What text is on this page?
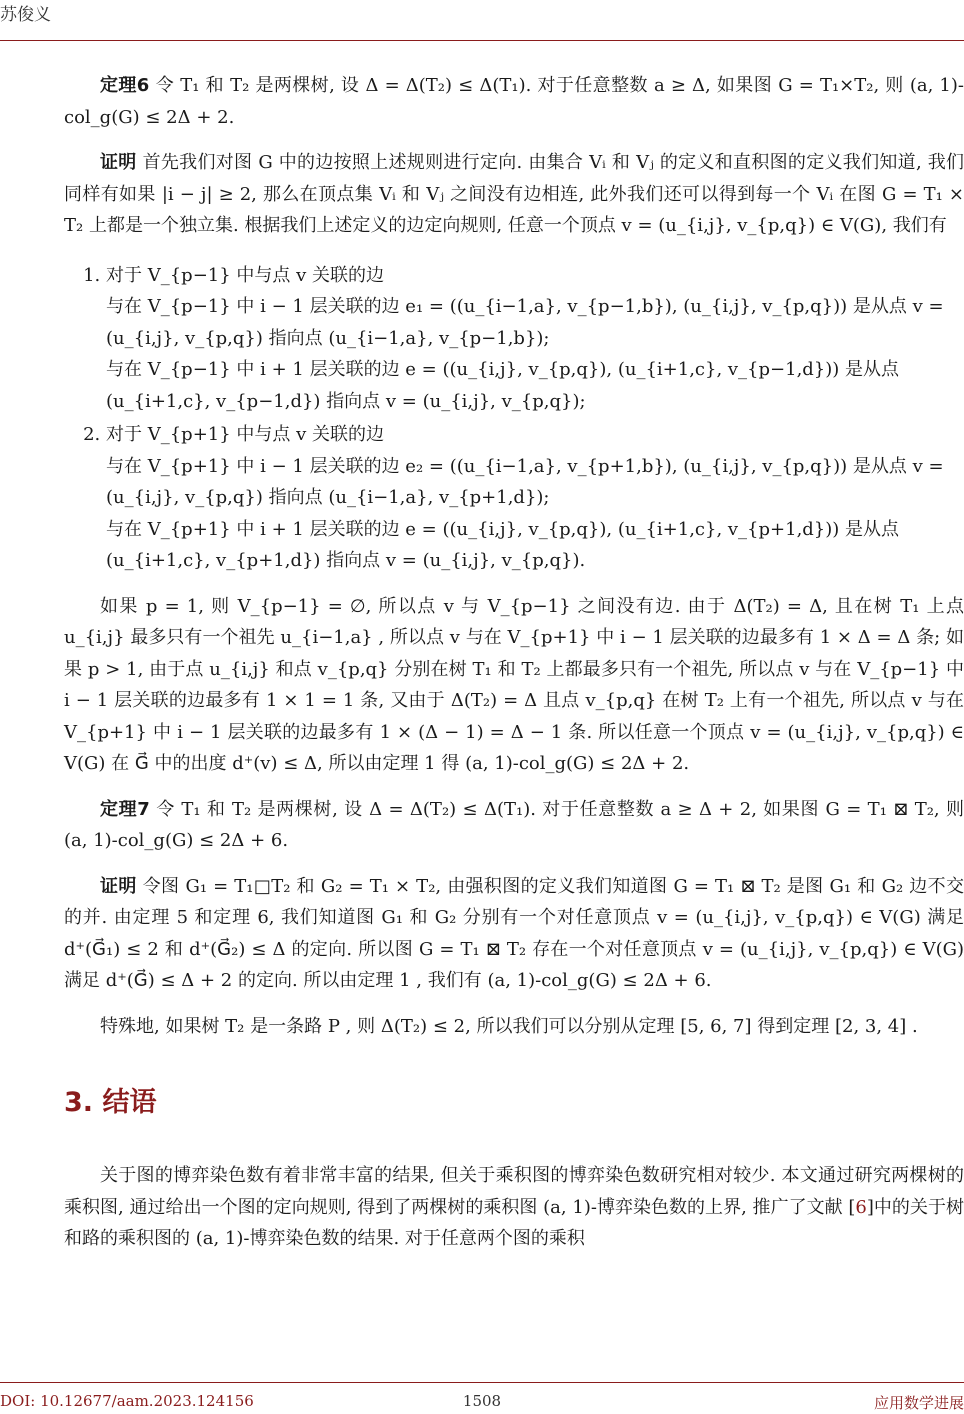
苏俊义

定理6 令 T₁ 和 T₂ 是两棵树, 设 Δ = Δ(T₂) ≤ Δ(T₁). 对于任意整数 a ≥ Δ, 如果图 G = T₁×T₂, 则 (a, 1)-col_g(G) ≤ 2Δ + 2.

证明 首先我们对图 G 中的边按照上述规则进行定向. 由集合 Vᵢ 和 Vⱼ 的定义和直积图的定义我们知道, 我们同样有如果 |i − j| ≥ 2, 那么在顶点集 Vᵢ 和 Vⱼ 之间没有边相连, 此外我们还可以得到每一个 Vᵢ 在图 G = T₁ × T₂ 上都是一个独立集. 根据我们上述定义的边定向规则, 任意一个顶点 v = (u_{i,j}, v_{p,q}) ∈ V(G), 我们有

1. 对于 V_{p−1} 中与点 v 关联的边
与在 V_{p−1} 中 i − 1 层关联的边 e₁ = ((u_{i−1,a}, v_{p−1,b}), (u_{i,j}, v_{p,q})) 是从点 v = (u_{i,j}, v_{p,q}) 指向点 (u_{i−1,a}, v_{p−1,b});
与在 V_{p−1} 中 i + 1 层关联的边 e = ((u_{i,j}, v_{p,q}), (u_{i+1,c}, v_{p−1,d})) 是从点 (u_{i+1,c}, v_{p−1,d}) 指向点 v = (u_{i,j}, v_{p,q});
2. 对于 V_{p+1} 中与点 v 关联的边
与在 V_{p+1} 中 i − 1 层关联的边 e₂ = ((u_{i−1,a}, v_{p+1,b}), (u_{i,j}, v_{p,q})) 是从点 v = (u_{i,j}, v_{p,q}) 指向点 (u_{i−1,a}, v_{p+1,d});
与在 V_{p+1} 中 i + 1 层关联的边 e = ((u_{i,j}, v_{p,q}), (u_{i+1,c}, v_{p+1,d})) 是从点 (u_{i+1,c}, v_{p+1,d}) 指向点 v = (u_{i,j}, v_{p,q}).

如果 p = 1, 则 V_{p−1} = ∅, 所以点 v 与 V_{p−1} 之间没有边. 由于 Δ(T₂) = Δ, 且在树 T₁ 上点 u_{i,j} 最多只有一个祖先 u_{i−1,a} , 所以点 v 与在 V_{p+1} 中 i − 1 层关联的边最多有 1 × Δ = Δ 条; 如果 p > 1, 由于点 u_{i,j} 和点 v_{p,q} 分别在树 T₁ 和 T₂ 上都最多只有一个祖先, 所以点 v 与在 V_{p−1} 中 i − 1 层关联的边最多有 1 × 1 = 1 条, 又由于 Δ(T₂) = Δ 且点 v_{p,q} 在树 T₂ 上有一个祖先, 所以点 v 与在 V_{p+1} 中 i − 1 层关联的边最多有 1 × (Δ − 1) = Δ − 1 条. 所以任意一个顶点 v = (u_{i,j}, v_{p,q}) ∈ V(G) 在 G⃗ 中的出度 d⁺(v) ≤ Δ, 所以由定理 1 得 (a, 1)-col_g(G) ≤ 2Δ + 2.

定理7 令 T₁ 和 T₂ 是两棵树, 设 Δ = Δ(T₂) ≤ Δ(T₁). 对于任意整数 a ≥ Δ + 2, 如果图 G = T₁ ⊠ T₂, 则 (a, 1)-col_g(G) ≤ 2Δ + 6.

证明 令图 G₁ = T₁□T₂ 和 G₂ = T₁ × T₂, 由强积图的定义我们知道图 G = T₁ ⊠ T₂ 是图 G₁ 和 G₂ 边不交的并. 由定理 5 和定理 6, 我们知道图 G₁ 和 G₂ 分别有一个对任意顶点 v = (u_{i,j}, v_{p,q}) ∈ V(G) 满足 d⁺(G⃗₁) ≤ 2 和 d⁺(G⃗₂) ≤ Δ 的定向. 所以图 G = T₁ ⊠ T₂ 存在一个对任意顶点 v = (u_{i,j}, v_{p,q}) ∈ V(G) 满足 d⁺(G⃗) ≤ Δ + 2 的定向. 所以由定理 1 , 我们有 (a, 1)-col_g(G) ≤ 2Δ + 6.

特殊地, 如果树 T₂ 是一条路 P , 则 Δ(T₂) ≤ 2, 所以我们可以分别从定理 [5, 6, 7] 得到定理 [2, 3, 4] .

3. 结语

关于图的博弈染色数有着非常丰富的结果, 但关于乘积图的博弈染色数研究相对较少. 本文通过研究两棵树的乘积图, 通过给出一个图的定向规则, 得到了两棵树的乘积图 (a, 1)-博弈染色数的上界, 推广了文献 [6]中的关于树和路的乘积图的 (a, 1)-博弈染色数的结果. 对于任意两个图的乘积

DOI: 10.12677/aam.2023.124156	1508	应用数学进展
